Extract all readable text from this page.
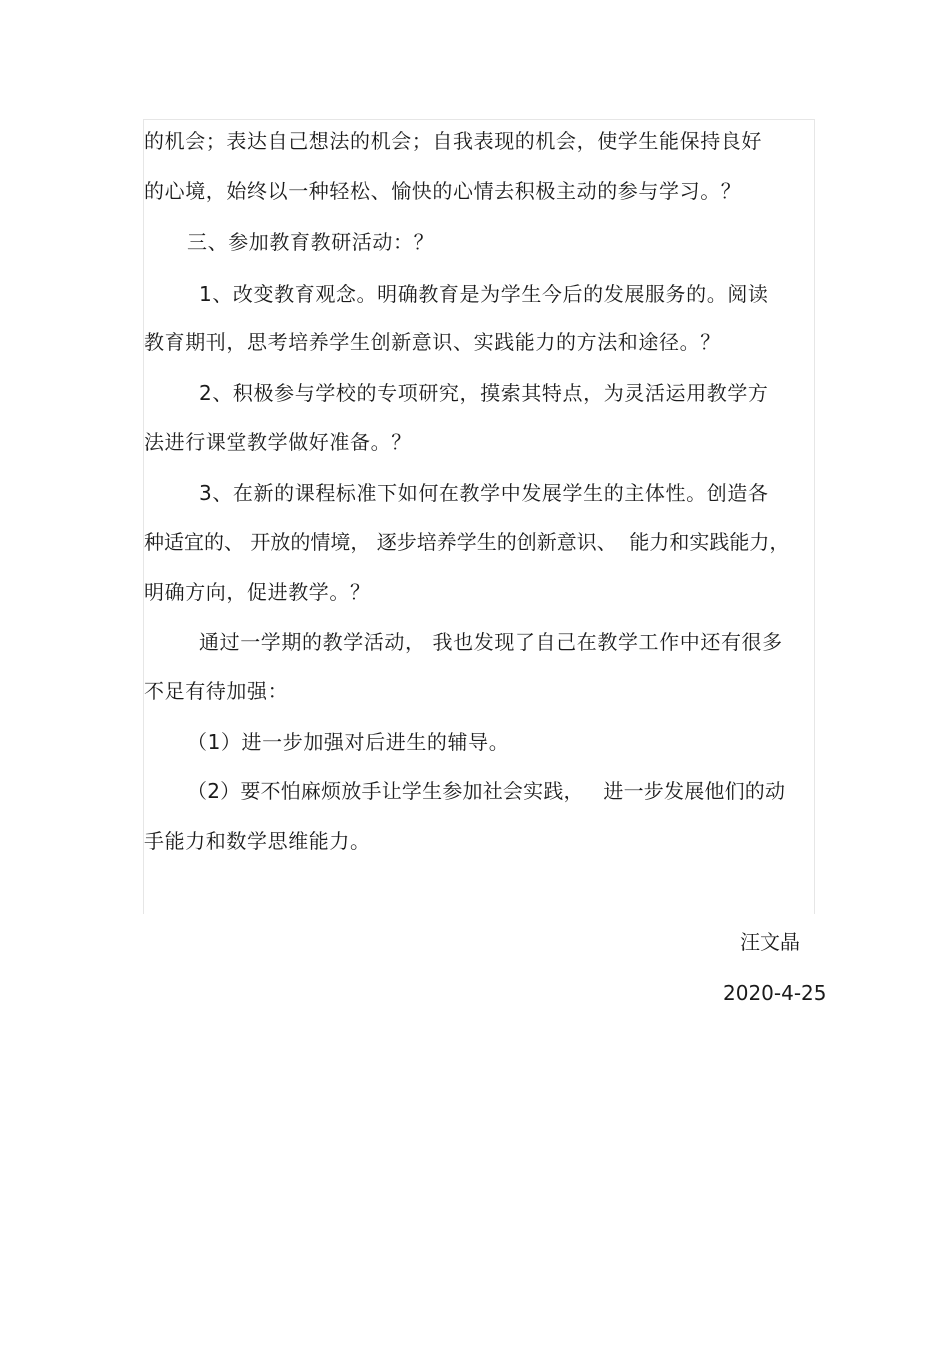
的机会；表达自己想法的机会；自我表现的机会，使学生能保持良好
的心境，始终以一种轻松、愉快的心情去积极主动的参与学习。？
三、参加教育教研活动：？
1、改变教育观念。明确教育是为学生今后的发展服务的。阅读
教育期刊，思考培养学生创新意识、实践能力的方法和途径。？
2、积极参与学校的专项研究，摸索其特点，为灵活运用教学方
法进行课堂教学做好准备。？
3、在新的课程标准下如何在教学中发展学生的主体性。创造各
种适宜的、 开放的情境， 逐步培养学生的创新意识、  能力和实践能力，
明确方向，促进教学。？
通过一学期的教学活动， 我也发现了自己在教学工作中还有很多
不足有待加强：
（1）进一步加强对后进生的辅导。
（2）要不怕麻烦放手让学生参加社会实践，   进一步发展他们的动
手能力和数学思维能力。
汪文晶
2020-4-25
